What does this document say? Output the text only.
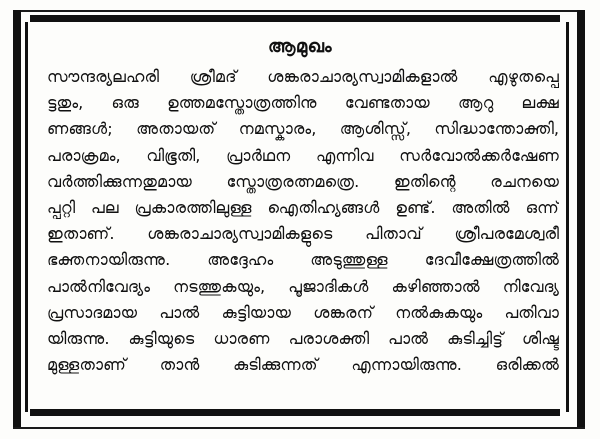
ആമുഖം
സൗന്ദര്യലഹരി ശ്രീമദ് ശങ്കരാചാര്യസ്വാമികളാൽ എഴുതപ്പെ
ട്ടതും, ഒരു ഉത്തമസ്തോത്രത്തിനു വേണ്ടതായ ആറു ലക്ഷ
ണങ്ങൾ; അതായത് നമസ്കാരം, ആശിസ്സ്, സിദ്ധാന്തോക്തി,
പരാക്രമം, വിഭൂതി, പ്രാർഥന എന്നിവ സർവോൽക്കർഷേണ
വർത്തിക്കുന്നതുമായ സ്തോത്രരത്നമത്രെ. ഇതിന്റെ രചനയെ
പ്പറ്റി പല പ്രകാരത്തിലുള്ള ഐതിഹ്യങ്ങൾ ഉണ്ട്. അതിൽ ഒന്ന്
ഇതാണ്. ശങ്കരാചാര്യസ്വാമികളുടെ പിതാവ് ശ്രീപരമേശ്വരീ
ഭക്തനായിരുന്നു. അദ്ദേഹം അടുത്തുള്ള ദേവീക്ഷേത്രത്തിൽ
പാൽനിവേദ്യം നടത്തുകയും, പൂജാദികൾ കഴിഞ്ഞാൽ നിവേദ്യ
പ്രസാദമായ പാൽ കുട്ടിയായ ശങ്കരന് നൽകുകയും പതിവാ
യിരുന്നു. കുട്ടിയുടെ ധാരണ പരാശക്തി പാൽ കുടിച്ചിട്ട് ശിഷ്ട
മുള്ളതാണ് താൻ കുടിക്കുന്നത് എന്നായിരുന്നു. ഒരിക്കൽ
